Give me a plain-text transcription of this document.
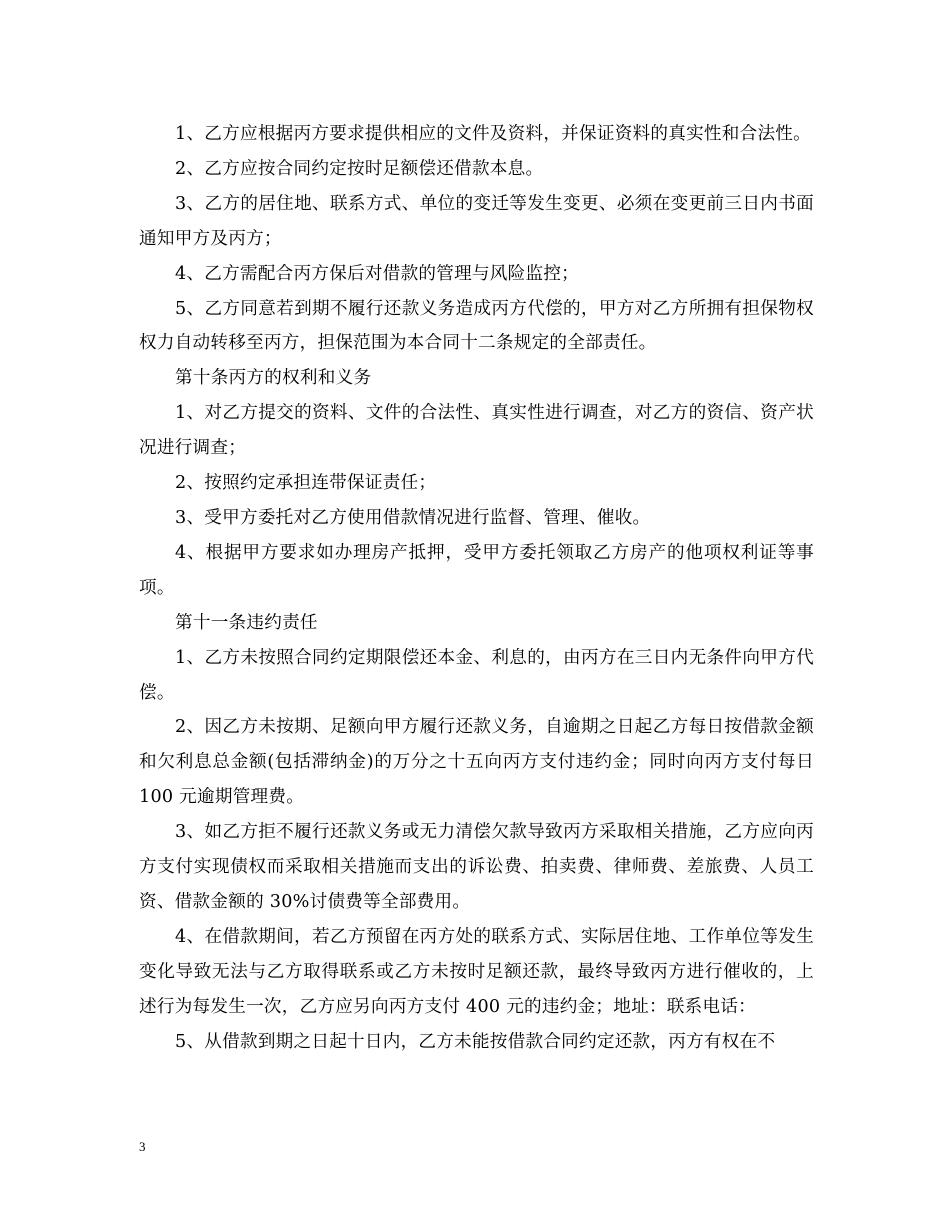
1、乙方应根据丙方要求提供相应的文件及资料，并保证资料的真实性和合法性。

2、乙方应按合同约定按时足额偿还借款本息。

3、乙方的居住地、联系方式、单位的变迁等发生变更、必须在变更前三日内书面通知甲方及丙方；

4、乙方需配合丙方保后对借款的管理与风险监控；

5、乙方同意若到期不履行还款义务造成丙方代偿的，甲方对乙方所拥有担保物权权力自动转移至丙方，担保范围为本合同十二条规定的全部责任。

第十条丙方的权利和义务

1、对乙方提交的资料、文件的合法性、真实性进行调查，对乙方的资信、资产状况进行调查；

2、按照约定承担连带保证责任；

3、受甲方委托对乙方使用借款情况进行监督、管理、催收。

4、根据甲方要求如办理房产抵押，受甲方委托领取乙方房产的他项权利证等事项。

第十一条违约责任

1、乙方未按照合同约定期限偿还本金、利息的，由丙方在三日内无条件向甲方代偿。

2、因乙方未按期、足额向甲方履行还款义务，自逾期之日起乙方每日按借款金额和欠利息总金额(包括滞纳金)的万分之十五向丙方支付违约金；同时向丙方支付每日 100 元逾期管理费。

3、如乙方拒不履行还款义务或无力清偿欠款导致丙方采取相关措施，乙方应向丙方支付实现债权而采取相关措施而支出的诉讼费、拍卖费、律师费、差旅费、人员工资、借款金额的 30%讨债费等全部费用。

4、在借款期间，若乙方预留在丙方处的联系方式、实际居住地、工作单位等发生变化导致无法与乙方取得联系或乙方未按时足额还款，最终导致丙方进行催收的，上述行为每发生一次，乙方应另向丙方支付 400 元的违约金；地址：联系电话：

5、从借款到期之日起十日内，乙方未能按借款合同约定还款，丙方有权在不

3
